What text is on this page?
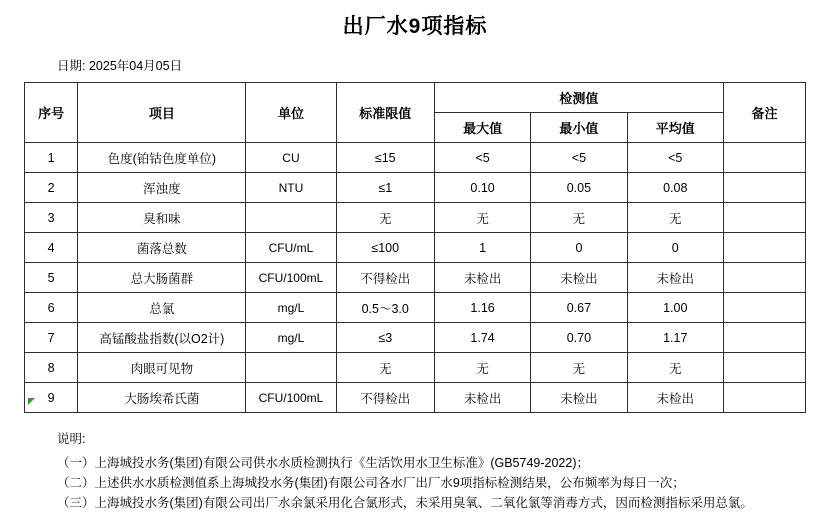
出厂水9项指标
日期: 2025年04月05日
序号	项目	单位	标准限值	检测值			备注
				最大值	最小值	平均值	
1	色度(铂钴色度单位)	CU	≤15	<5	<5	<5	
2	浑浊度	NTU	≤1	0.10	0.05	0.08	
3	臭和味		无	无	无	无	
4	菌落总数	CFU/mL	≤100	1	0	0	
5	总大肠菌群	CFU/100mL	不得检出	未检出	未检出	未检出	
6	总氯	mg/L	0.5～3.0	1.16	0.67	1.00	
7	高锰酸盐指数(以O2计)	mg/L	≤3	1.74	0.70	1.17	
8	肉眼可见物		无	无	无	无	
9	大肠埃希氏菌	CFU/100mL	不得检出	未检出	未检出	未检出	
说明:
（一）上海城投水务(集团)有限公司供水水质检测执行《生活饮用水卫生标准》(GB5749-2022)；
（二）上述供水水质检测值系上海城投水务(集团)有限公司各水厂出厂水9项指标检测结果，公布频率为每日一次；
（三）上海城投水务(集团)有限公司出厂水余氯采用化合氯形式，未采用臭氧、二氧化氯等消毒方式，因而检测指标采用总氯。
